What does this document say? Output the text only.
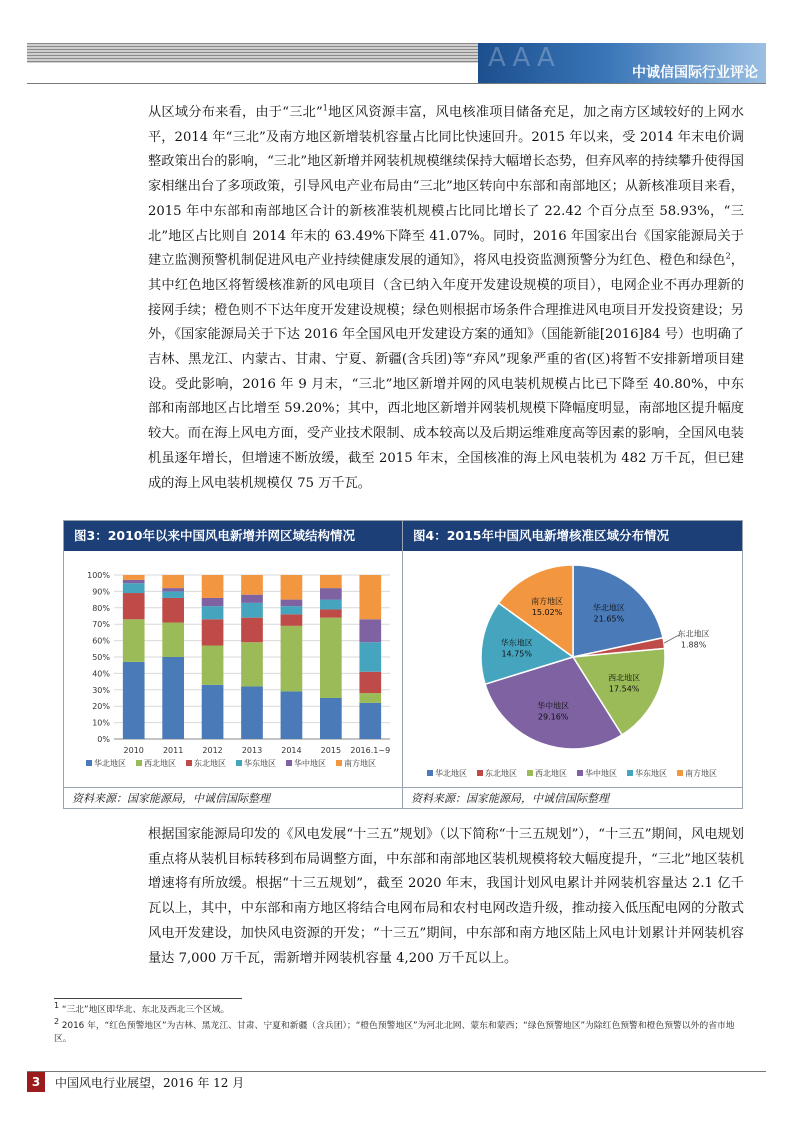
AAA	中诚信国际行业评论

从区域分布来看，由于“三北”$^1$地区风资源丰富，风电核准项目储备充足，加之南方区域较好的上网水平，2014 年“三北”及南方地区新增装机容量占比同比快速回升。2015 年以来，受 2014 年末电价调整政策出台的影响，“三北”地区新增并网装机规模继续保持大幅增长态势，但弃风率的持续攀升使得国家相继出台了多项政策，引导风电产业布局由“三北”地区转向中东部和南部地区；从新核准项目来看，2015 年中东部和南部地区合计的新核准装机规模占比同比增长了 22.42 个百分点至 58.93%，“三北”地区占比则自 2014 年末的 63.49%下降至 41.07%。同时，2016 年国家出台《国家能源局关于建立监测预警机制促进风电产业持续健康发展的通知》，将风电投资监测预警分为红色、橙色和绿色$^2$，其中红色地区将暂缓核准新的风电项目（含已纳入年度开发建设规模的项目），电网企业不再办理新的接网手续；橙色则不下达年度开发建设规模；绿色则根据市场条件合理推进风电项目开发投资建设；另外，《国家能源局关于下达 2016 年全国风电开发建设方案的通知》（国能新能[2016]84 号）也明确了吉林、黑龙江、内蒙古、甘肃、宁夏、新疆(含兵团)等“弃风”现象严重的省(区)将暂不安排新增项目建设。受此影响，2016 年 9 月末，“三北”地区新增并网的风电装机规模占比已下降至 40.80%，中东部和南部地区占比增至 59.20%；其中，西北地区新增并网装机规模下降幅度明显，南部地区提升幅度较大。而在海上风电方面，受产业技术限制、成本较高以及后期运维难度高等因素的影响，全国风电装机虽逐年增长，但增速不断放缓，截至 2015 年末，全国核准的海上风电装机为 482 万千瓦，但已建成的海上风电装机规模仅 75 万千瓦。

图3：2010年以来中国风电新增并网区域结构情况
0%
10%
20%
30%
40%
50%
60%
70%
80%
90%
100%
2010 2011 2012 2013 2014 2015 2016.1~9
华北地区 西北地区 东北地区 华东地区 华中地区 南方地区
资料来源：国家能源局，中诚信国际整理
图4：2015年中国风电新增核准区域分布情况
华北地区
21.65%
东北地区
1.88%
西北地区
17.54%
华中地区
29.16%
华东地区
14.75%
南方地区
15.02%
华北地区 东北地区 西北地区 华中地区 华东地区 南方地区
资料来源：国家能源局，中诚信国际整理

根据国家能源局印发的《风电发展“十三五”规划》（以下简称“十三五规划”），“十三五”期间，风电规划重点将从装机目标转移到布局调整方面，中东部和南部地区装机规模将较大幅度提升，“三北”地区装机增速将有所放缓。根据“十三五规划”，截至 2020 年末，我国计划风电累计并网装机容量达 2.1 亿千瓦以上，其中，中东部和南方地区将结合电网布局和农村电网改造升级，推动接入低压配电网的分散式风电开发建设，加快风电资源的开发；“十三五”期间，中东部和南方地区陆上风电计划累计并网装机容量达 7,000 万千瓦，需新增并网装机容量 4,200 万千瓦以上。

$^1$ “三北”地区即华北、东北及西北三个区域。
$^2$ 2016 年，“红色预警地区”为吉林、黑龙江、甘肃、宁夏和新疆（含兵团）；“橙色预警地区”为河北北网、蒙东和蒙西；“绿色预警地区”为除红色预警和橙色预警以外的省市地区。
3	中国风电行业展望，2016 年 12 月
